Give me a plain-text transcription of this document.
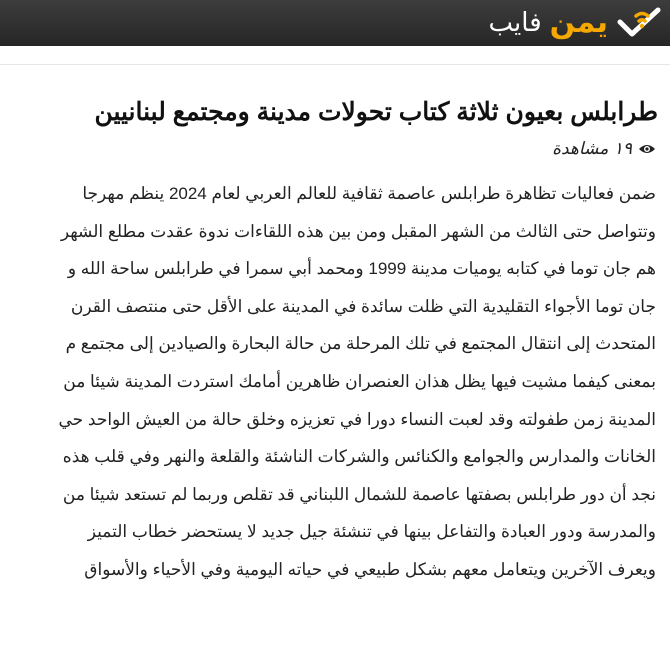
يمن
فايب
طرابلس بعيون ثلاثة كتاب تحولات مدينة ومجتمع لبنانيين
١٩ مشاهدة
ضمن فعاليات تظاهرة طرابلس عاصمة ثقافية للعالم العربي لعام 2024 ينظم مهرجا
وتتواصل حتى الثالث من الشهر المقبل ومن بين هذه اللقاءات ندوة عقدت مطلع الشهر
هم جان توما في كتابه يوميات مدينة 1999 ومحمد أبي سمرا في طرابلس ساحة الله و
جان توما الأجواء التقليدية التي ظلت سائدة في المدينة على الأقل حتى منتصف القرن
المتحدث إلى انتقال المجتمع في تلك المرحلة من حالة البحارة والصيادين إلى مجتمع م
بمعنى كيفما مشيت فيها يظل هذان العنصران ظاهرين أمامك استردت المدينة شيئا من
المدينة زمن طفولته وقد لعبت النساء دورا في تعزيزه وخلق حالة من العيش الواحد حي
الخانات والمدارس والجوامع والكنائس والشركات الناشئة والقلعة والنهر وفي قلب هذه
نجد أن دور طرابلس بصفتها عاصمة للشمال اللبناني قد تقلص وربما لم تستعد شيئا من
والمدرسة ودور العبادة والتفاعل بينها في تنشئة جيل جديد لا يستحضر خطاب التميز
ويعرف الآخرين ويتعامل معهم بشكل طبيعي في حياته اليومية وفي الأحياء والأسواق
